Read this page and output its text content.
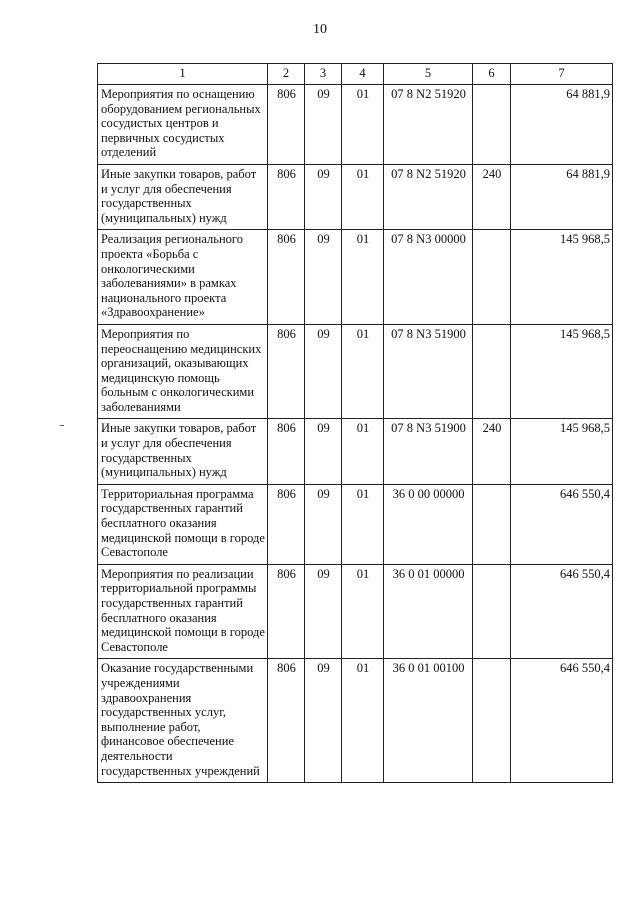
10
1	2	3	4	5	6	7
Мероприятия по оснащению оборудованием региональных сосудистых центров и первичных сосудистых отделений	806	09	01	07 8 N2 51920		64 881,9
Иные закупки товаров, работ и услуг для обеспечения государственных (муниципальных) нужд	806	09	01	07 8 N2 51920	240	64 881,9
Реализация регионального проекта «Борьба с онкологическими заболеваниями» в рамках национального проекта «Здравоохранение»	806	09	01	07 8 N3 00000		145 968,5
Мероприятия по переоснащению медицинских организаций, оказывающих медицинскую помощь больным с онкологическими заболеваниями	806	09	01	07 8 N3 51900		145 968,5
Иные закупки товаров, работ и услуг для обеспечения государственных (муниципальных) нужд	806	09	01	07 8 N3 51900	240	145 968,5
Территориальная программа государственных гарантий бесплатного оказания медицинской помощи в городе Севастополе	806	09	01	36 0 00 00000		646 550,4
Мероприятия по реализации территориальной программы государственных гарантий бесплатного оказания медицинской помощи в городе Севастополе	806	09	01	36 0 01 00000		646 550,4
Оказание государственными учреждениями здравоохранения государственных услуг, выполнение работ, финансовое обеспечение деятельности государственных учреждений	806	09	01	36 0 01 00100		646 550,4
